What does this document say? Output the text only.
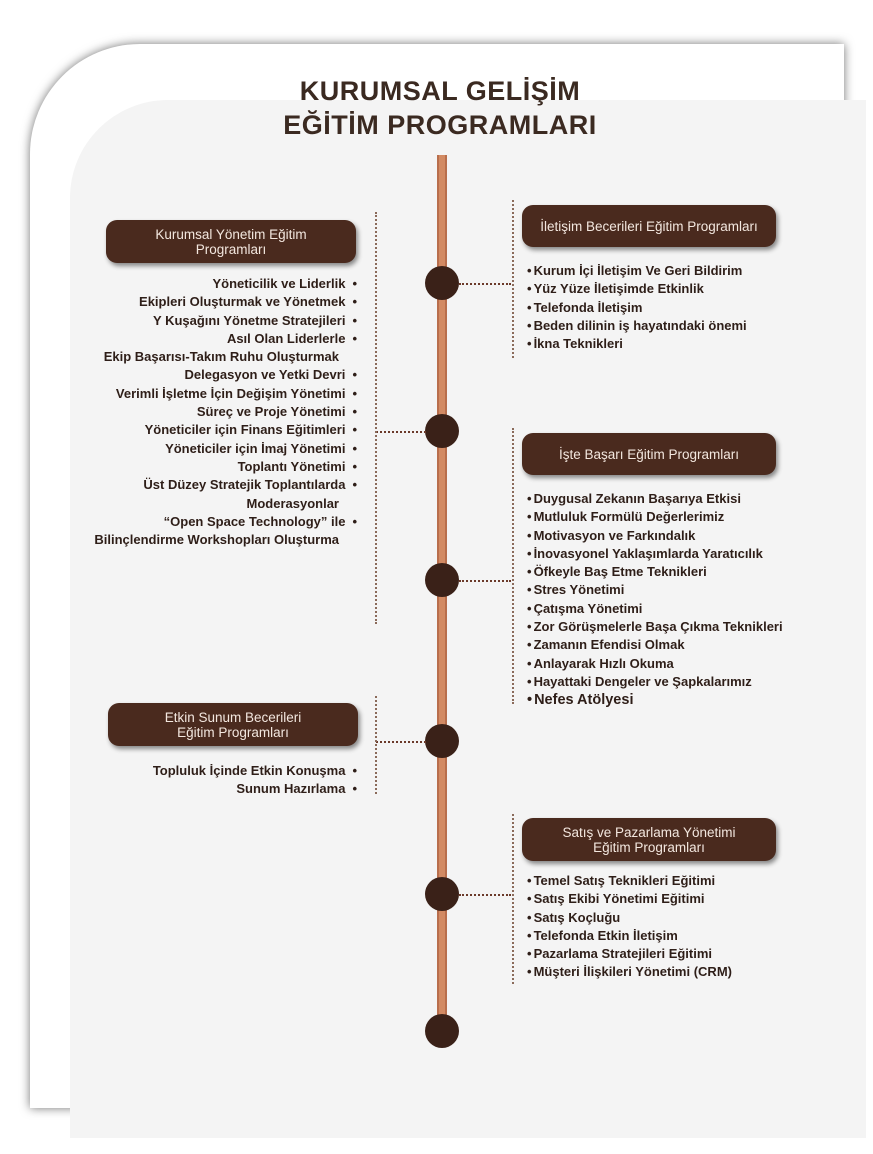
KURUMSAL GELİŞİM
EĞİTİM PROGRAMLARI
Kurumsal Yönetim Eğitim
Programları
İletişim Becerileri Eğitim Programları
İşte Başarı Eğitim Programları
Etkin Sunum Becerileri
Eğitim Programları
Satış ve Pazarlama Yönetimi
Eğitim Programları
Yöneticilik ve Liderlik •
Ekipleri Oluşturmak ve Yönetmek •
Y Kuşağını Yönetme Stratejileri •
Asıl Olan Liderlerle •
Ekip Başarısı-Takım Ruhu Oluşturmak
Delegasyon ve Yetki Devri •
Verimli İşletme İçin Değişim Yönetimi •
Süreç ve Proje Yönetimi •
Yöneticiler için Finans Eğitimleri •
Yöneticiler için İmaj Yönetimi •
Toplantı Yönetimi •
Üst Düzey Stratejik Toplantılarda •
Moderasyonlar
“Open Space Technology” ile •
Bilinçlendirme Workshopları Oluşturma
• Kurum İçi İletişim Ve Geri Bildirim
• Yüz Yüze İletişimde Etkinlik
• Telefonda İletişim
• Beden dilinin iş hayatındaki önemi
• İkna Teknikleri
• Duygusal Zekanın Başarıya Etkisi
• Mutluluk Formülü Değerlerimiz
• Motivasyon ve Farkındalık
• İnovasyonel Yaklaşımlarda Yaratıcılık
• Öfkeyle Baş Etme Teknikleri
• Stres Yönetimi
• Çatışma Yönetimi
• Zor Görüşmelerle Başa Çıkma Teknikleri
• Zamanın Efendisi Olmak
• Anlayarak Hızlı Okuma
• Hayattaki Dengeler ve Şapkalarımız
• Nefes Atölyesi
Topluluk İçinde Etkin Konuşma •
Sunum Hazırlama •
• Temel Satış Teknikleri Eğitimi
• Satış Ekibi Yönetimi Eğitimi
• Satış Koçluğu
• Telefonda Etkin İletişim
• Pazarlama Stratejileri Eğitimi
• Müşteri İlişkileri Yönetimi (CRM)
